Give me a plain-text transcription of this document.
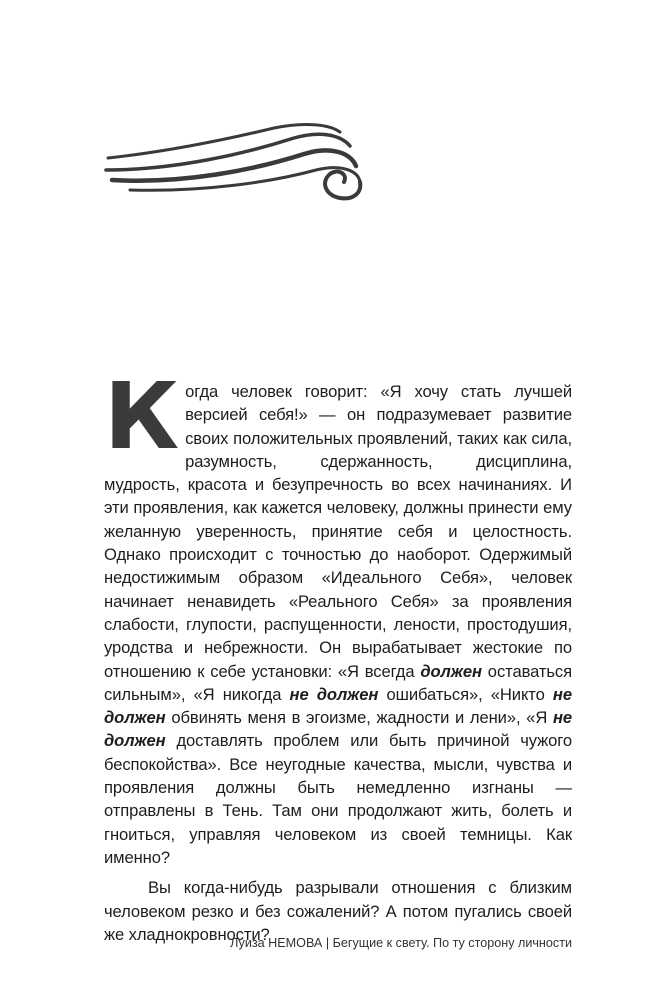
Когда человек говорит: «Я хочу стать лучшей версией себя!» — он подразумевает развитие своих положительных проявлений, таких как сила, разумность, сдержанность, дисциплина, мудрость, красота и безупречность во всех начинаниях. И эти проявления, как кажется человеку, должны принести ему желанную уверенность, принятие себя и целостность. Однако происходит с точностью до наоборот. Одержимый недостижимым образом «Идеального Себя», человек начинает ненавидеть «Реального Себя» за проявления слабости, глупости, распущенности, лености, простодушия, уродства и небрежности. Он вырабатывает жестокие по отношению к себе установки: «Я всегда должен оставаться сильным», «Я никогда не должен ошибаться», «Никто не должен обвинять меня в эгоизме, жадности и лени», «Я не должен доставлять проблем или быть причиной чужого беспокойства». Все неугодные качества, мысли, чувства и проявления должны быть немедленно изгнаны — отправлены в Тень. Там они продолжают жить, болеть и гноиться, управляя человеком из своей темницы. Как именно?

Вы когда-нибудь разрывали отношения с близким человеком резко и без сожалений? А потом пугались своей же хладнокровности?

Луиза НЕМОВА | Бегущие к свету. По ту сторону личности
